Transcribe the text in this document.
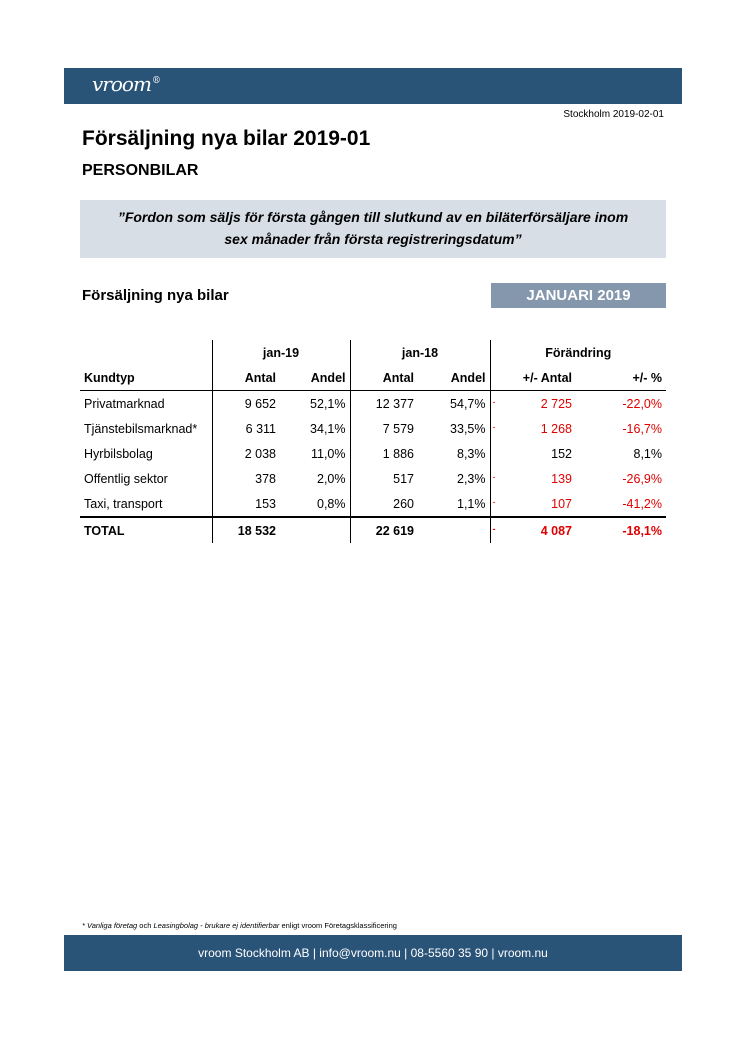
vroom®
Stockholm 2019-02-01
Försäljning nya bilar 2019-01
PERSONBILAR
”Fordon som säljs för första gången till slutkund av en biläterförsäljare inom
sex månader från första registreringsdatum”
Försäljning nya bilar	JANUARI 2019
	jan-19		jan-18		Förändring	
Kundtyp	Antal	Andel	Antal	Andel	+/- Antal	+/- %
Privatmarknad	9 652	52,1%	12 377	54,7%	- 2 725	-22,0%
Tjänstebilsmarknad*	6 311	34,1%	7 579	33,5%	- 1 268	-16,7%
Hyrbilsbolag	2 038	11,0%	1 886	8,3%	152	8,1%
Offentlig sektor	378	2,0%	517	2,3%	- 139	-26,9%
Taxi, transport	153	0,8%	260	1,1%	- 107	-41,2%
TOTAL	18 532		22 619		- 4 087	-18,1%
* Vanliga företag och Leasingbolag - brukare ej identifierbar enligt vroom Företagsklassificering
vroom Stockholm AB | info@vroom.nu | 08-5560 35 90 | vroom.nu
